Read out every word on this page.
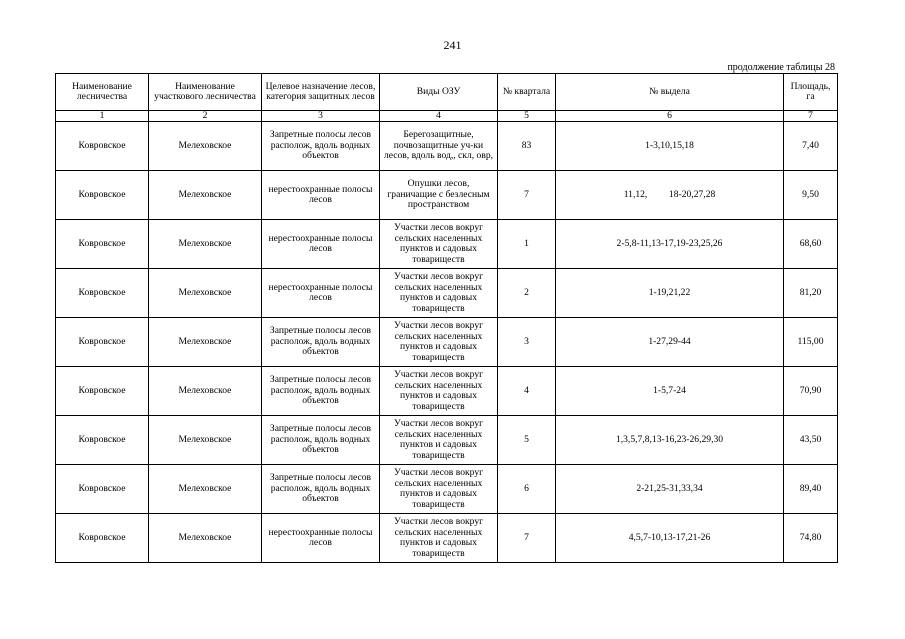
241
продолжение таблицы 28
Наименование лесничества	Наименование участкового лесничества	Целевое назначение лесов, категория защитных лесов	Виды ОЗУ	№ квартала	№ выдела	Площадь, га
1	2	3	4	5	6	7
Ковровское	Мелеховское	Запретные полосы лесов располож, вдоль водных объектов	Берегозащитные, почвозащитные уч-ки лесов, вдоль вод,, скл, овр,	83	1-3,10,15,18	7,40
Ковровское	Мелеховское	нерестоохранные полосы лесов	Опушки лесов, граничащие с безлесным пространством	7	11,12,         18-20,27,28	9,50
Ковровское	Мелеховское	нерестоохранные полосы лесов	Участки лесов вокруг сельских населенных пунктов и садовых товариществ	1	2-5,8-11,13-17,19-23,25,26	68,60
Ковровское	Мелеховское	нерестоохранные полосы лесов	Участки лесов вокруг сельских населенных пунктов и садовых товариществ	2	1-19,21,22	81,20
Ковровское	Мелеховское	Запретные полосы лесов располож, вдоль водных объектов	Участки лесов вокруг сельских населенных пунктов и садовых товариществ	3	1-27,29-44	115,00
Ковровское	Мелеховское	Запретные полосы лесов располож, вдоль водных объектов	Участки лесов вокруг сельских населенных пунктов и садовых товариществ	4	1-5,7-24	70,90
Ковровское	Мелеховское	Запретные полосы лесов располож, вдоль водных объектов	Участки лесов вокруг сельских населенных пунктов и садовых товариществ	5	1,3,5,7,8,13-16,23-26,29,30	43,50
Ковровское	Мелеховское	Запретные полосы лесов располож, вдоль водных объектов	Участки лесов вокруг сельских населенных пунктов и садовых товариществ	6	2-21,25-31,33,34	89,40
Ковровское	Мелеховское	нерестоохранные полосы лесов	Участки лесов вокруг сельских населенных пунктов и садовых товариществ	7	4,5,7-10,13-17,21-26	74,80
